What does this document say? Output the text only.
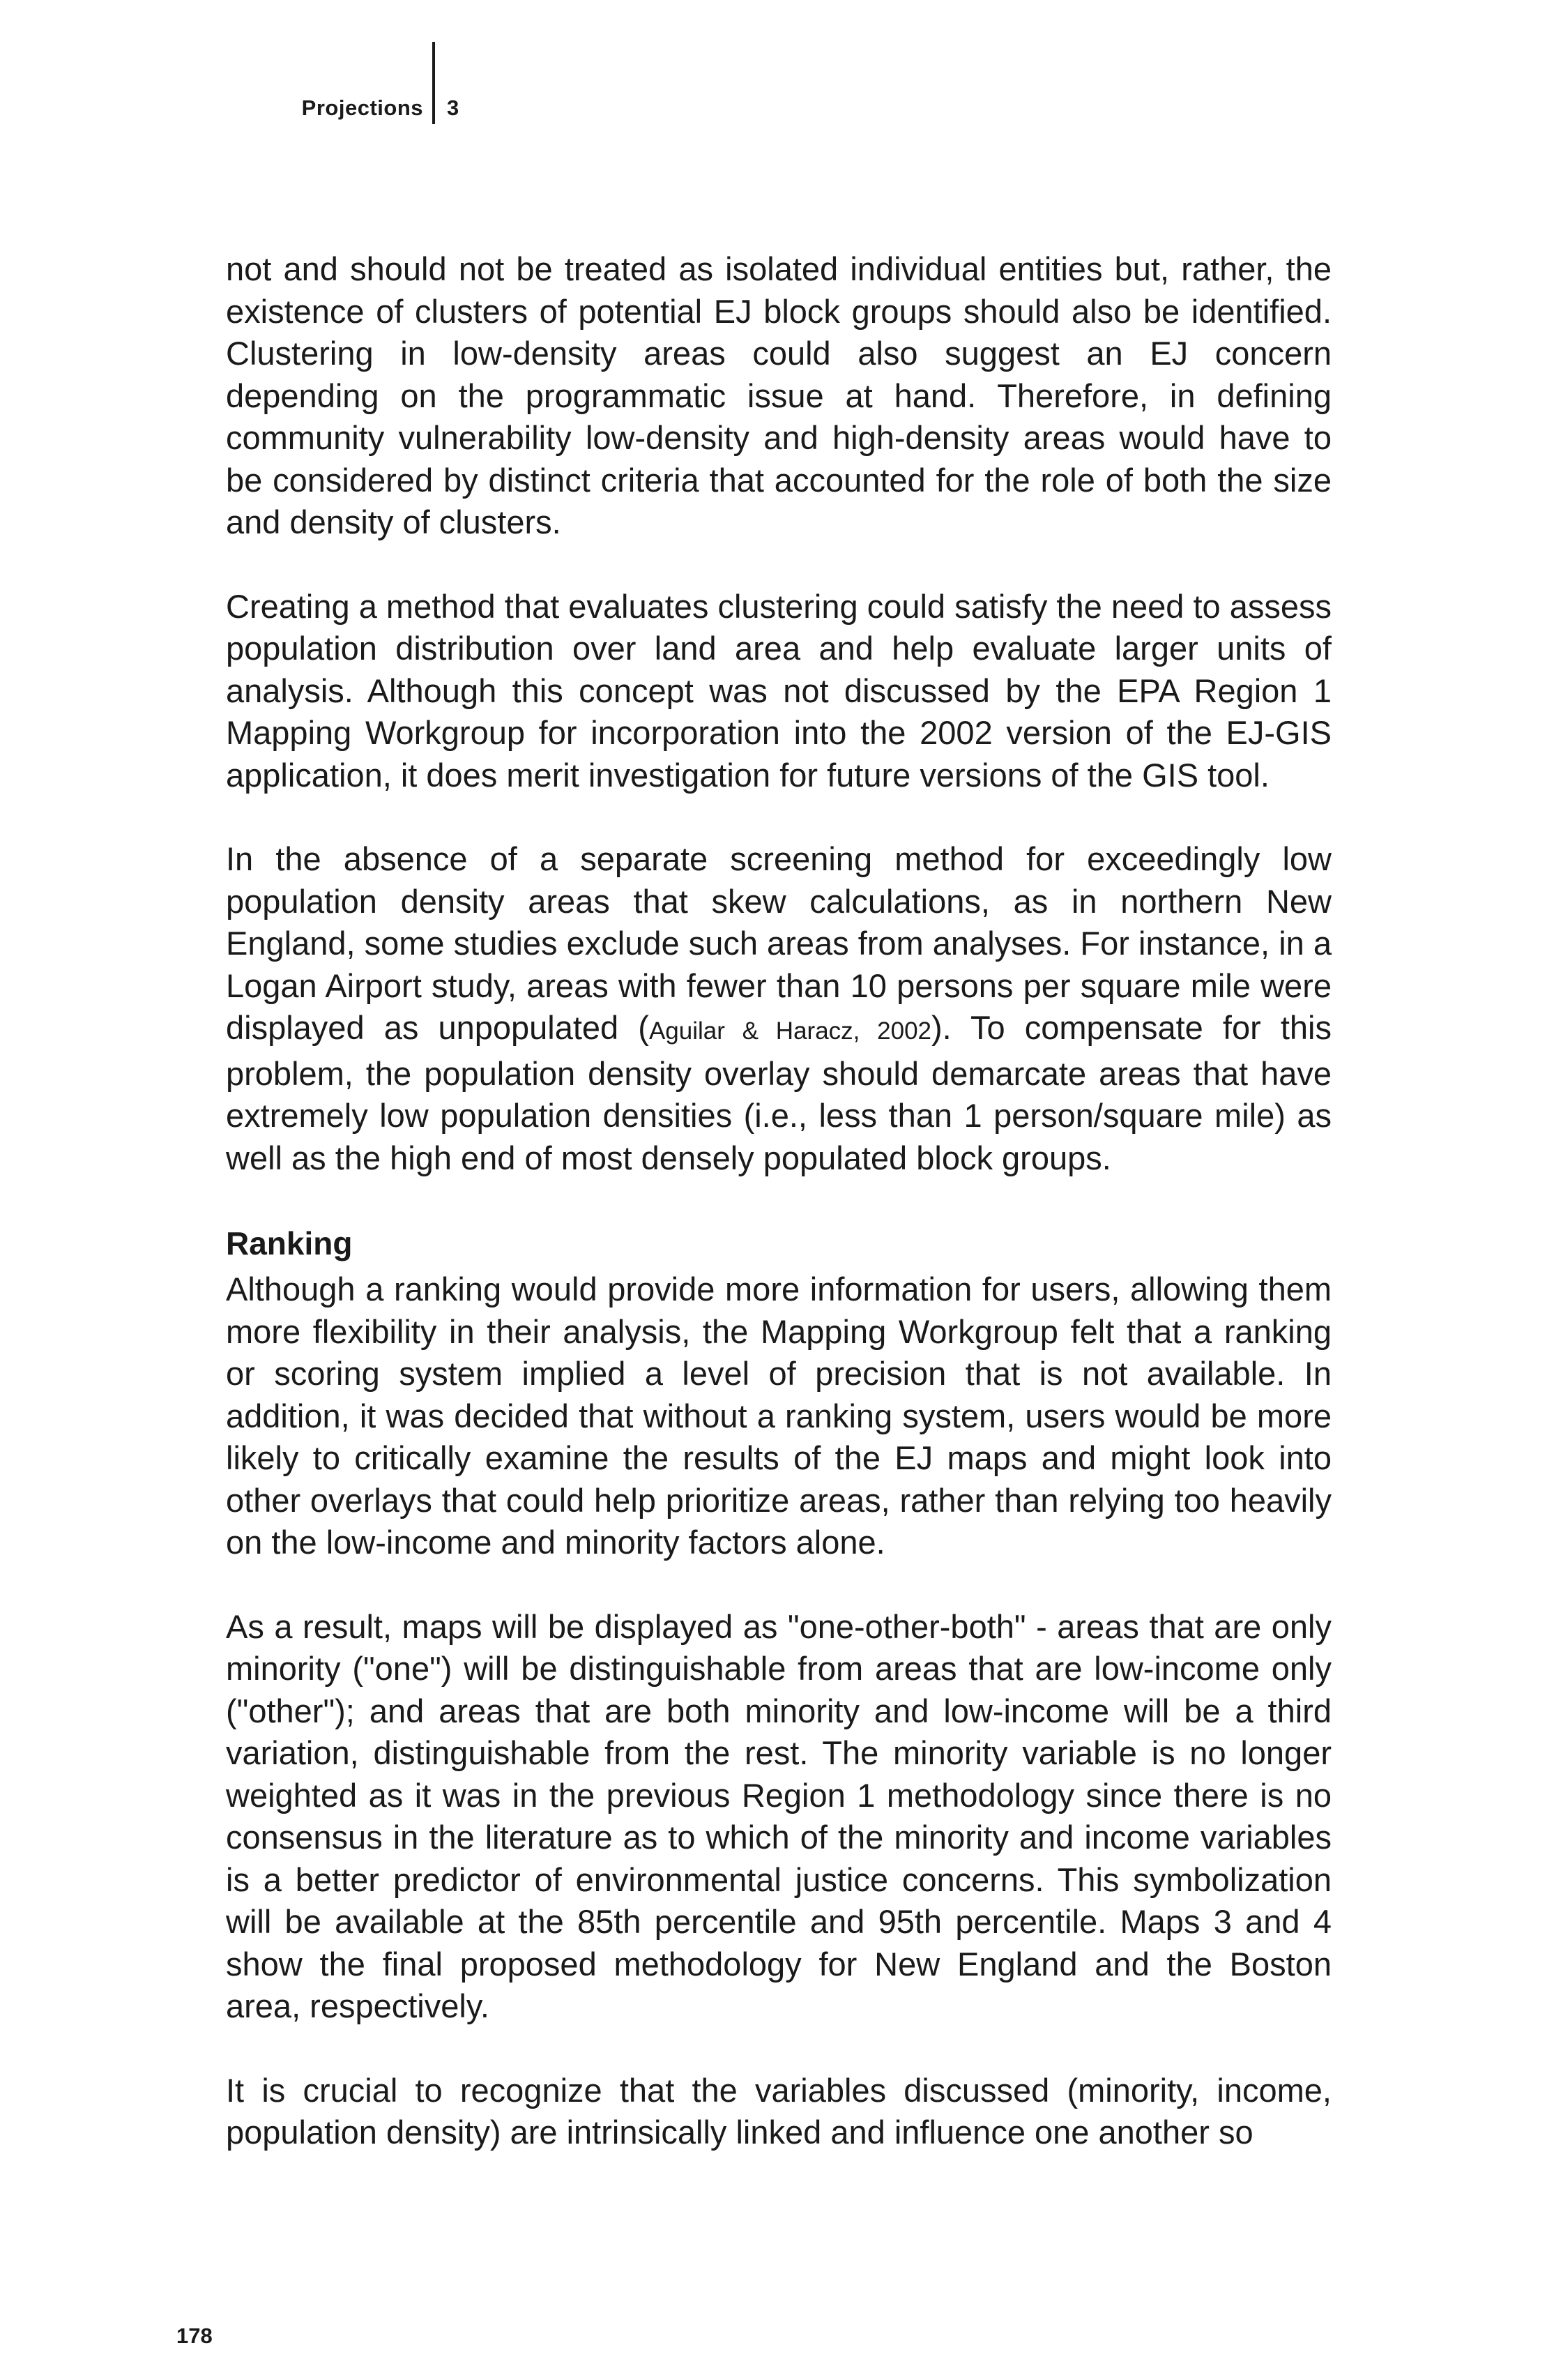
Projections 3

not and should not be treated as isolated individual entities but, rather, the existence of clusters of potential EJ block groups should also be identified. Clustering in low-density areas could also suggest an EJ concern depending on the programmatic issue at hand. Therefore, in defining community vulnerability low-density and high-density areas would have to be considered by distinct criteria that accounted for the role of both the size and density of clusters.

Creating a method that evaluates clustering could satisfy the need to assess population distribution over land area and help evaluate larger units of analysis. Although this concept was not discussed by the EPA Region 1 Mapping Workgroup for incorporation into the 2002 version of the EJ-GIS application, it does merit investigation for future versions of the GIS tool.

In the absence of a separate screening method for exceedingly low population density areas that skew calculations, as in northern New England, some studies exclude such areas from analyses. For instance, in a Logan Airport study, areas with fewer than 10 persons per square mile were displayed as unpopulated (Aguilar & Haracz, 2002). To compensate for this problem, the population density overlay should demarcate areas that have extremely low population densities (i.e., less than 1 person/square mile) as well as the high end of most densely populated block groups.

Ranking

Although a ranking would provide more information for users, allowing them more flexibility in their analysis, the Mapping Workgroup felt that a ranking or scoring system implied a level of precision that is not available. In addition, it was decided that without a ranking system, users would be more likely to critically examine the results of the EJ maps and might look into other overlays that could help prioritize areas, rather than relying too heavily on the low-income and minority factors alone.

As a result, maps will be displayed as "one-other-both" - areas that are only minority ("one") will be distinguishable from areas that are low-income only ("other"); and areas that are both minority and low-income will be a third variation, distinguishable from the rest. The minority variable is no longer weighted as it was in the previous Region 1 methodology since there is no consensus in the literature as to which of the minority and income variables is a better predictor of environmental justice concerns. This symbolization will be available at the 85th percentile and 95th percentile. Maps 3 and 4 show the final proposed methodology for New England and the Boston area, respectively.

It is crucial to recognize that the variables discussed (minority, income, population density) are intrinsically linked and influence one another so

178
